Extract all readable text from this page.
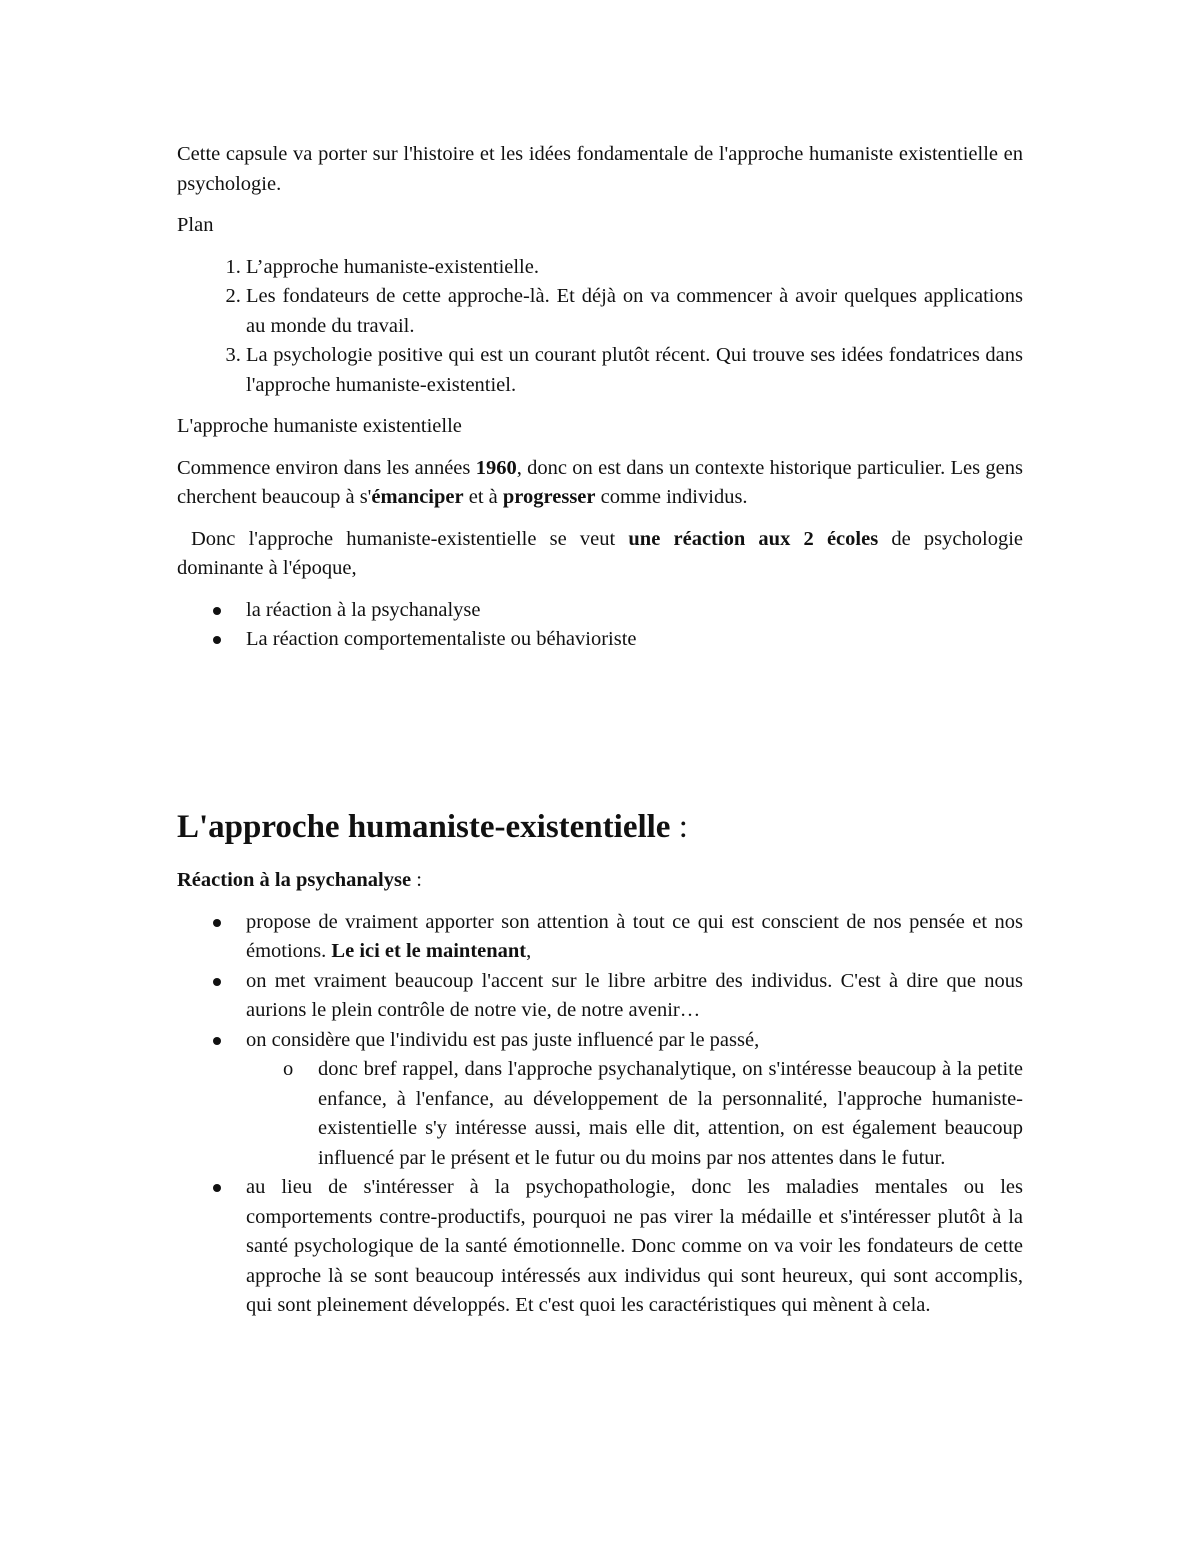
Cette capsule va porter sur l'histoire et les idées fondamentale de l'approche humaniste existentielle en psychologie.

Plan

1. L’approche humaniste-existentielle.
2. Les fondateurs de cette approche-là. Et déjà on va commencer à avoir quelques applications au monde du travail.
3. La psychologie positive qui est un courant plutôt récent. Qui trouve ses idées fondatrices dans l'approche humaniste-existentiel.

L'approche humaniste existentielle

Commence environ dans les années 1960, donc on est dans un contexte historique particulier. Les gens cherchent beaucoup à s'émanciper et à progresser comme individus.

Donc l'approche humaniste-existentielle se veut une réaction aux 2 écoles de psychologie dominante à l'époque,

la réaction à la psychanalyse
La réaction comportementaliste ou béhavioriste
L'approche humaniste-existentielle :

Réaction à la psychanalyse :

propose de vraiment apporter son attention à tout ce qui est conscient de nos pensée et nos émotions. Le ici et le maintenant,
on met vraiment beaucoup l'accent sur le libre arbitre des individus. C'est à dire que nous aurions le plein contrôle de notre vie, de notre avenir…
on considère que l'individu est pas juste influencé par le passé,
o donc bref rappel, dans l'approche psychanalytique, on s'intéresse beaucoup à la petite enfance, à l'enfance, au développement de la personnalité, l'approche humaniste-existentielle s'y intéresse aussi, mais elle dit, attention, on est également beaucoup influencé par le présent et le futur ou du moins par nos attentes dans le futur.
au lieu de s'intéresser à la psychopathologie, donc les maladies mentales ou les comportements contre-productifs, pourquoi ne pas virer la médaille et s'intéresser plutôt à la santé psychologique de la santé émotionnelle. Donc comme on va voir les fondateurs de cette approche là se sont beaucoup intéressés aux individus qui sont heureux, qui sont accomplis, qui sont pleinement développés. Et c'est quoi les caractéristiques qui mènent à cela.
